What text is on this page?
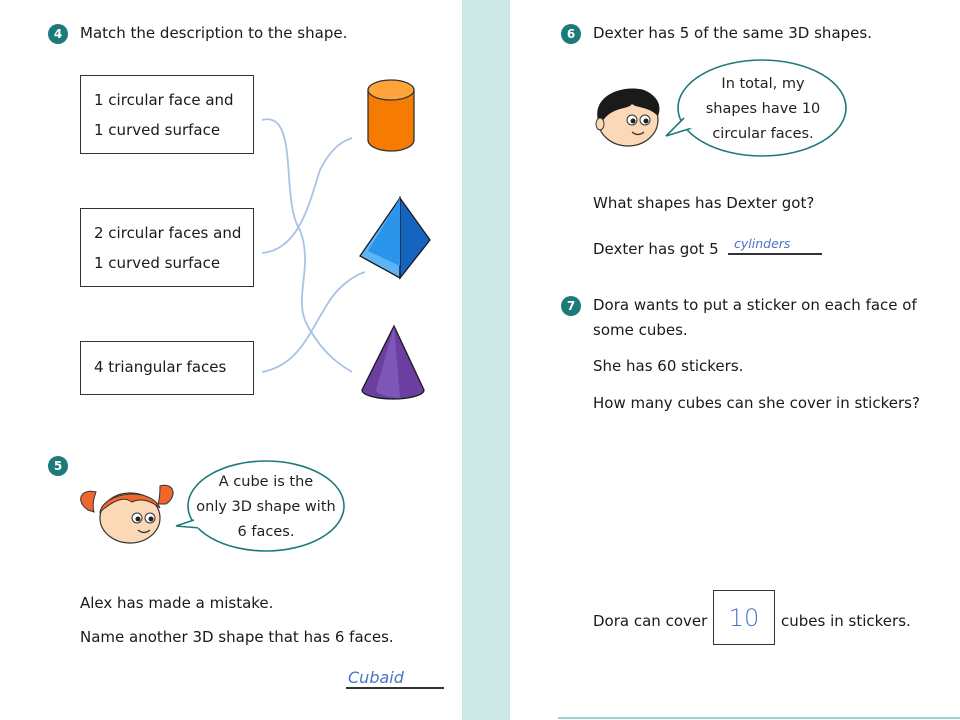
4	Match the description to the shape.
1 circular face and
1 curved surface
2 circular faces and
1 curved surface
4 triangular faces
5
A cube is the
only 3D shape with
6 faces.
Alex has made a mistake.
Name another 3D shape that has 6 faces.
Cubaid
6	Dexter has 5 of the same 3D shapes.
In total, my
shapes have 10
circular faces.
What shapes has Dexter got?
Dexter has got 5 cylinders
7	Dora wants to put a sticker on each face of
some cubes.
She has 60 stickers.
How many cubes can she cover in stickers?
Dora can cover 10 cubes in stickers.
